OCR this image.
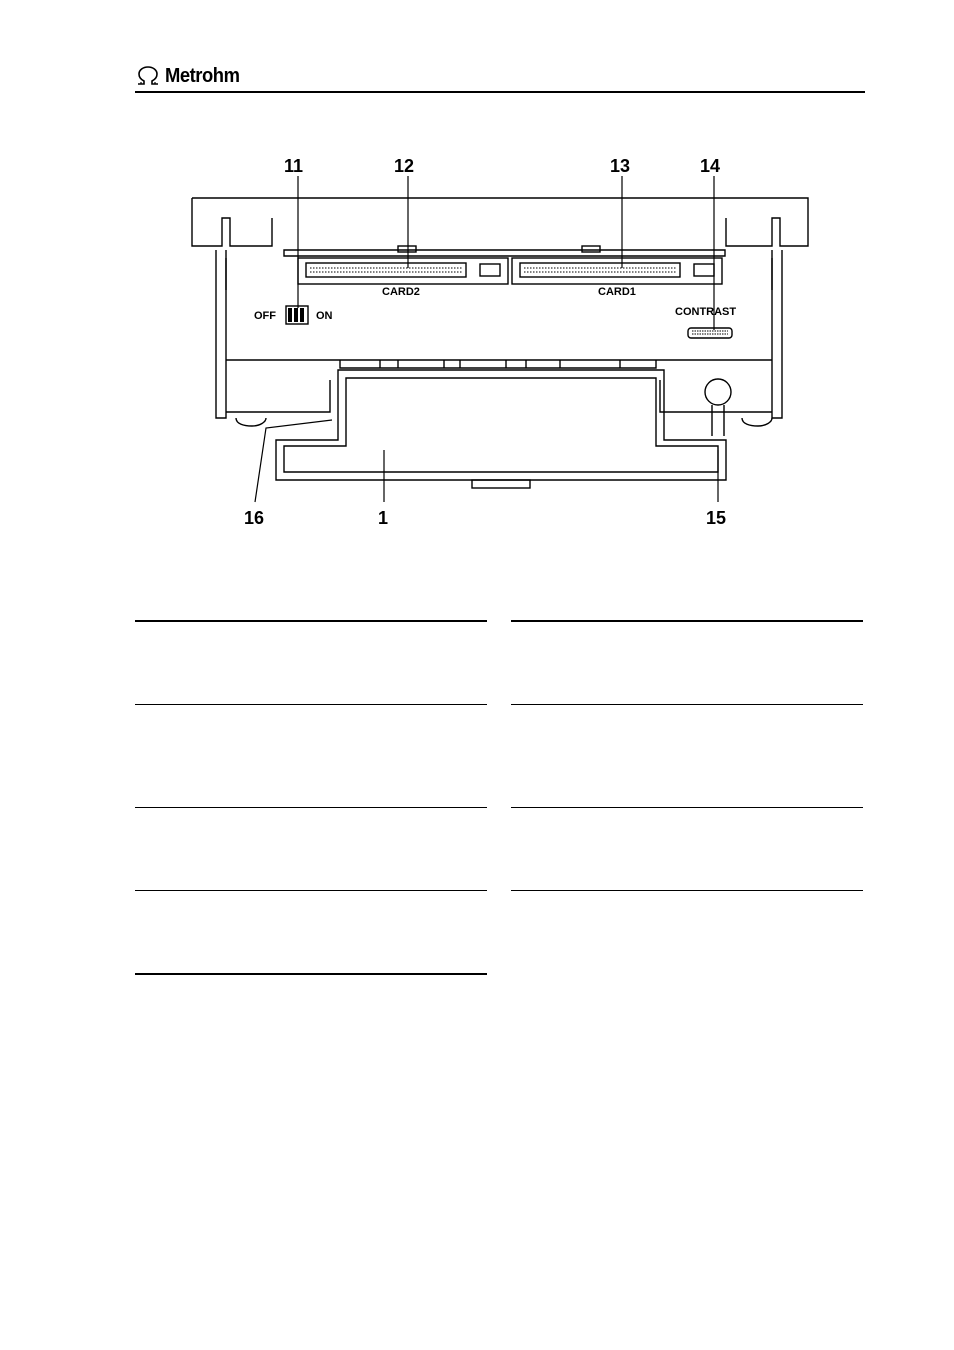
Metrohm
11	12	13	14
16	1	15
OFF	ON
CARD2	CARD1
CONTRAST
